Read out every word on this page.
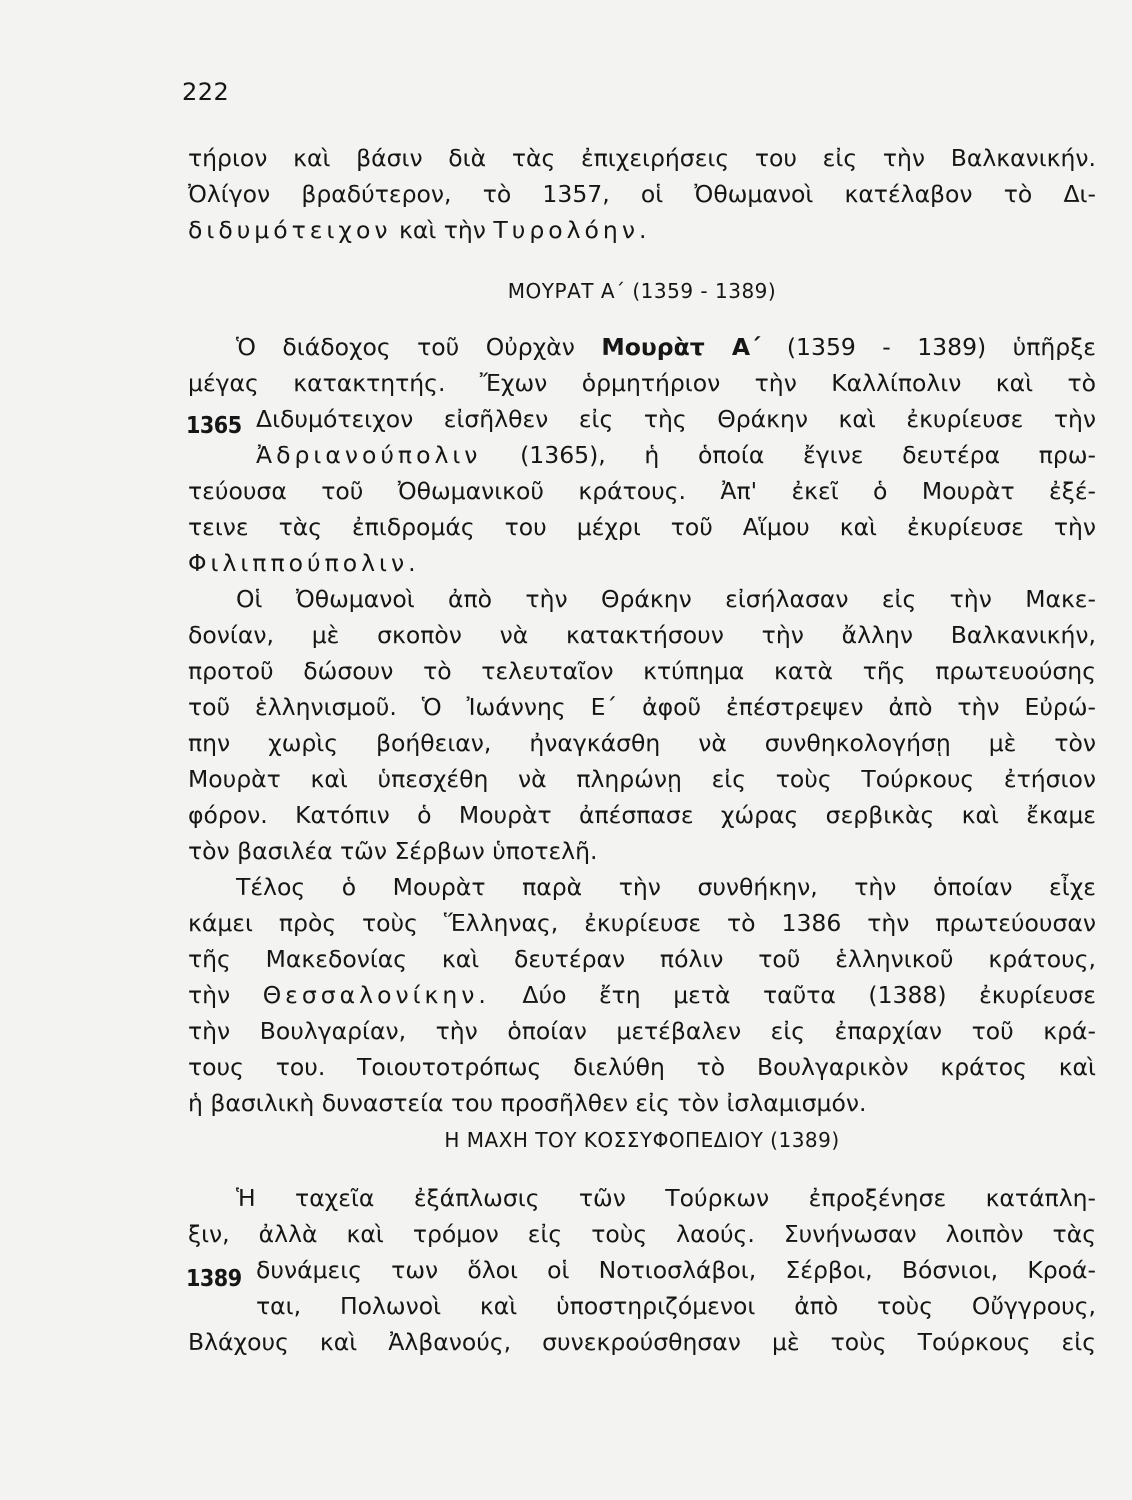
222
τήριον καὶ βάσιν διὰ τὰς ἐπιχειρήσεις του εἰς τὴν Βαλκανικήν.
Ὀλίγον βραδύτερον, τὸ 1357, οἱ Ὀθωμανοὶ κατέλαβον τὸ Δι-
διδυμότειχον καὶ τὴν Τυρολόην.
ΜΟΥΡΑΤ Α΄ (1359 - 1389)
Ὁ διάδοχος τοῦ Οὐρχὰν Μουρὰτ Α΄ (1359 - 1389) ὑπῆρξε
μέγας κατακτητής. Ἔχων ὁρμητήριον τὴν Καλλίπολιν καὶ τὸ
1365 Διδυμότειχον εἰσῆλθεν εἰς τὴς Θράκην καὶ ἐκυρίευσε τὴν
Ἀδριανούπολιν (1365), ἡ ὁποία ἔγινε δευτέρα πρω-
τεύουσα τοῦ Ὀθωμανικοῦ κράτους. Ἀπ' ἐκεῖ ὁ Μουρὰτ ἐξέ-
τεινε τὰς ἐπιδρομάς του μέχρι τοῦ Αἵμου καὶ ἐκυρίευσε τὴν
Φιλιππούπολιν.
Οἱ Ὀθωμανοὶ ἀπὸ τὴν Θράκην εἰσήλασαν εἰς τὴν Μακε-
δονίαν, μὲ σκοπὸν νὰ κατακτήσουν τὴν ἄλλην Βαλκανικήν,
προτοῦ δώσουν τὸ τελευταῖον κτύπημα κατὰ τῆς πρωτευούσης
τοῦ ἑλληνισμοῦ. Ὁ Ἰωάννης Ε΄ ἀφοῦ ἐπέστρεψεν ἀπὸ τὴν Εὐρώ-
πην χωρὶς βοήθειαν, ἠναγκάσθη νὰ συνθηκολογήσῃ μὲ τὸν
Μουρὰτ καὶ ὑπεσχέθη νὰ πληρώνῃ εἰς τοὺς Τούρκους ἐτήσιον
φόρον. Κατόπιν ὁ Μουρὰτ ἀπέσπασε χώρας σερβικὰς καὶ ἔκαμε
τὸν βασιλέα τῶν Σέρβων ὑποτελῆ.
Τέλος ὁ Μουρὰτ παρὰ τὴν συνθήκην, τὴν ὁποίαν εἶχε
κάμει πρὸς τοὺς Ἕλληνας, ἐκυρίευσε τὸ 1386 τὴν πρωτεύουσαν
τῆς Μακεδονίας καὶ δευτέραν πόλιν τοῦ ἑλληνικοῦ κράτους,
τὴν Θεσσαλονίκην. Δύο ἔτη μετὰ ταῦτα (1388) ἐκυρίευσε
τὴν Βουλγαρίαν, τὴν ὁποίαν μετέβαλεν εἰς ἐπαρχίαν τοῦ κρά-
τους του. Τοιουτοτρόπως διελύθη τὸ Βουλγαρικὸν κράτος καὶ
ἡ βασιλικὴ δυναστεία του προσῆλθεν εἰς τὸν ἰσλαμισμόν.
Η ΜΑΧΗ ΤΟΥ ΚΟΣΣΥΦΟΠΕΔΙΟΥ (1389)
Ἡ ταχεῖα ἐξάπλωσις τῶν Τούρκων ἐπροξένησε κατάπλη-
ξιν, ἀλλὰ καὶ τρόμον εἰς τοὺς λαούς. Συνήνωσαν λοιπὸν τὰς
1389 δυνάμεις των ὅλοι οἱ Νοτιοσλάβοι, Σέρβοι, Βόσνιοι, Κροά-
ται, Πολωνοὶ καὶ ὑποστηριζόμενοι ἀπὸ τοὺς Οὔγγρους,
Βλάχους καὶ Ἀλβανούς, συνεκρούσθησαν μὲ τοὺς Τούρκους εἰς
